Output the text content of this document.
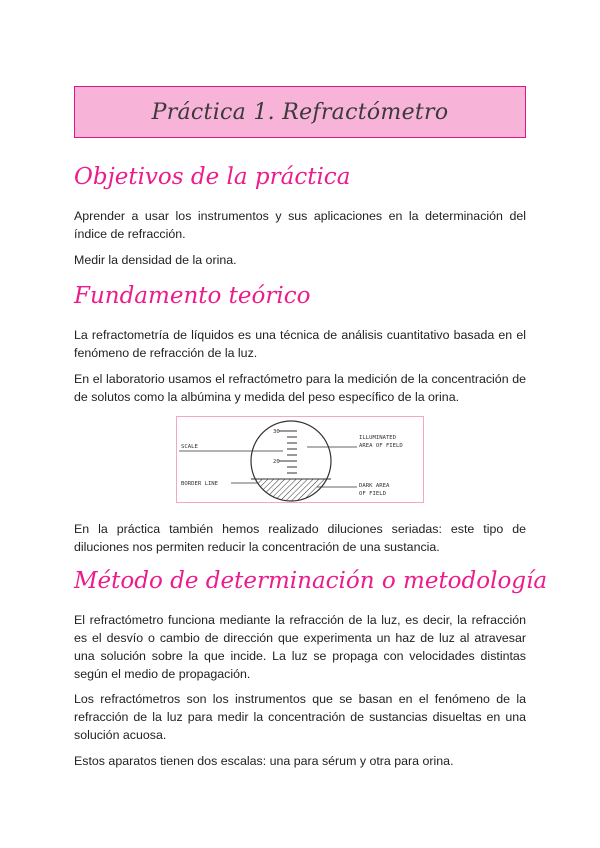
Práctica 1. Refractómetro
Objetivos de la práctica

Aprender a usar los instrumentos y sus aplicaciones en la determinación del índice de refracción.

Medir la densidad de la orina.

Fundamento teórico

La refractometría de líquidos es una técnica de análisis cuantitativo basada en el fenómeno de refracción de la luz.

En el laboratorio usamos el refractómetro para la medición de la concentración de de solutos como la albúmina y medida del peso específico de la orina.

30
20
SCALE
BORDER LINE
ILLUMINATED
AREA OF FIELD
DARK AREA
OF FIELD

En la práctica también hemos realizado diluciones seriadas: este tipo de diluciones nos permiten reducir la concentración de una sustancia.

Método de determinación o metodología

El refractómetro funciona mediante la refracción de la luz, es decir, la refracción es el desvío o cambio de dirección que experimenta un haz de luz al atravesar una solución sobre la que incide. La luz se propaga con velocidades distintas según el medio de propagación.

Los refractómetros son los instrumentos que se basan en el fenómeno de la refracción de la luz para medir la concentración de sustancias disueltas en una solución acuosa.

Estos aparatos tienen dos escalas: una para sérum y otra para orina.
